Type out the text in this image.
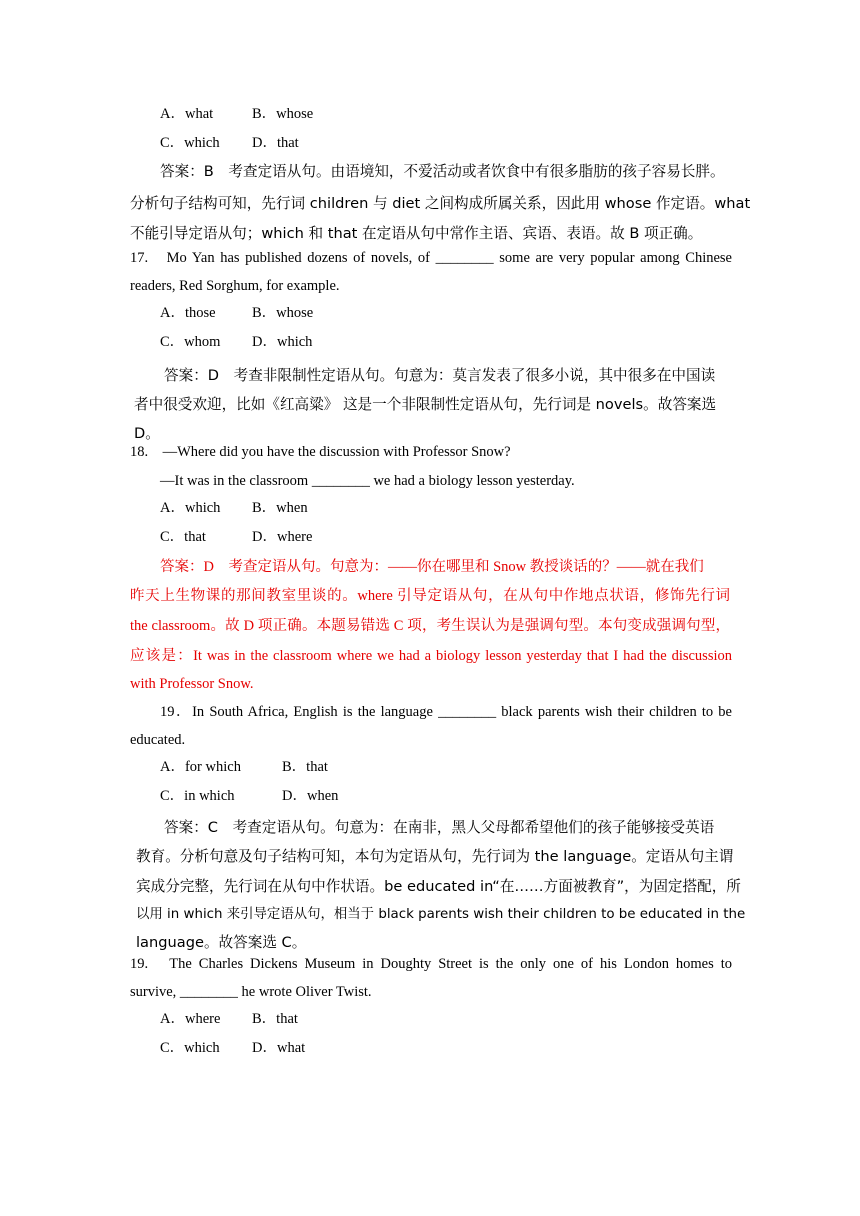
A．what	B．whose
C．which D．that
答案：B　考查定语从句。由语境知，不爱活动或者饮食中有很多脂肪的孩子容易长胖。
分析句子结构可知，先行词 children 与 diet 之间构成所属关系，因此用 whose 作定语。what
不能引导定语从句；which 和 that 在定语从句中常作主语、宾语、表语。故 B 项正确。
17.　Mo Yan has published dozens of novels, of ________ some are very popular among Chinese
readers, Red Sorghum, for example.
A．those	B．whose
C．whom D．which
答案：D　考查非限制性定语从句。句意为：莫言发表了很多小说，其中很多在中国读
者中很受欢迎，比如《红高粱》 这是一个非限制性定语从句，先行词是 novels。故答案选
D。
18.　—Where did you have the discussion with Professor Snow?
—It was in the classroom ________ we had a biology lesson yesterday.
A．which B．when
C．that	D．where
答案：D　考查定语从句。句意为：——你在哪里和 Snow 教授谈话的？——就在我们
昨天上生物课的那间教室里谈的。where 引导定语从句，在从句中作地点状语，修饰先行词
the classroom。故 D 项正确。本题易错选 C 项，考生误认为是强调句型。本句变成强调句型，
应该是：It was in the classroom where we had a biology lesson yesterday that I had the discussion
with Professor Snow.
19．In South Africa, English is the language ________ black parents wish their children to be
educated.
A．for which	B．that
C．in which	D．when
答案：C　考查定语从句。句意为：在南非，黑人父母都希望他们的孩子能够接受英语
教育。分析句意及句子结构可知，本句为定语从句，先行词为 the language。定语从句主谓
宾成分完整，先行词在从句中作状语。be educated in“在……方面被教育”，为固定搭配，所
以用 in which 来引导定语从句，相当于 black parents wish their children to be educated in the
language。故答案选 C。
19.　The Charles Dickens Museum in Doughty Street is the only one of his London homes to
survive, ________ he wrote Oliver Twist.
A．where B．that
C．which D．what
